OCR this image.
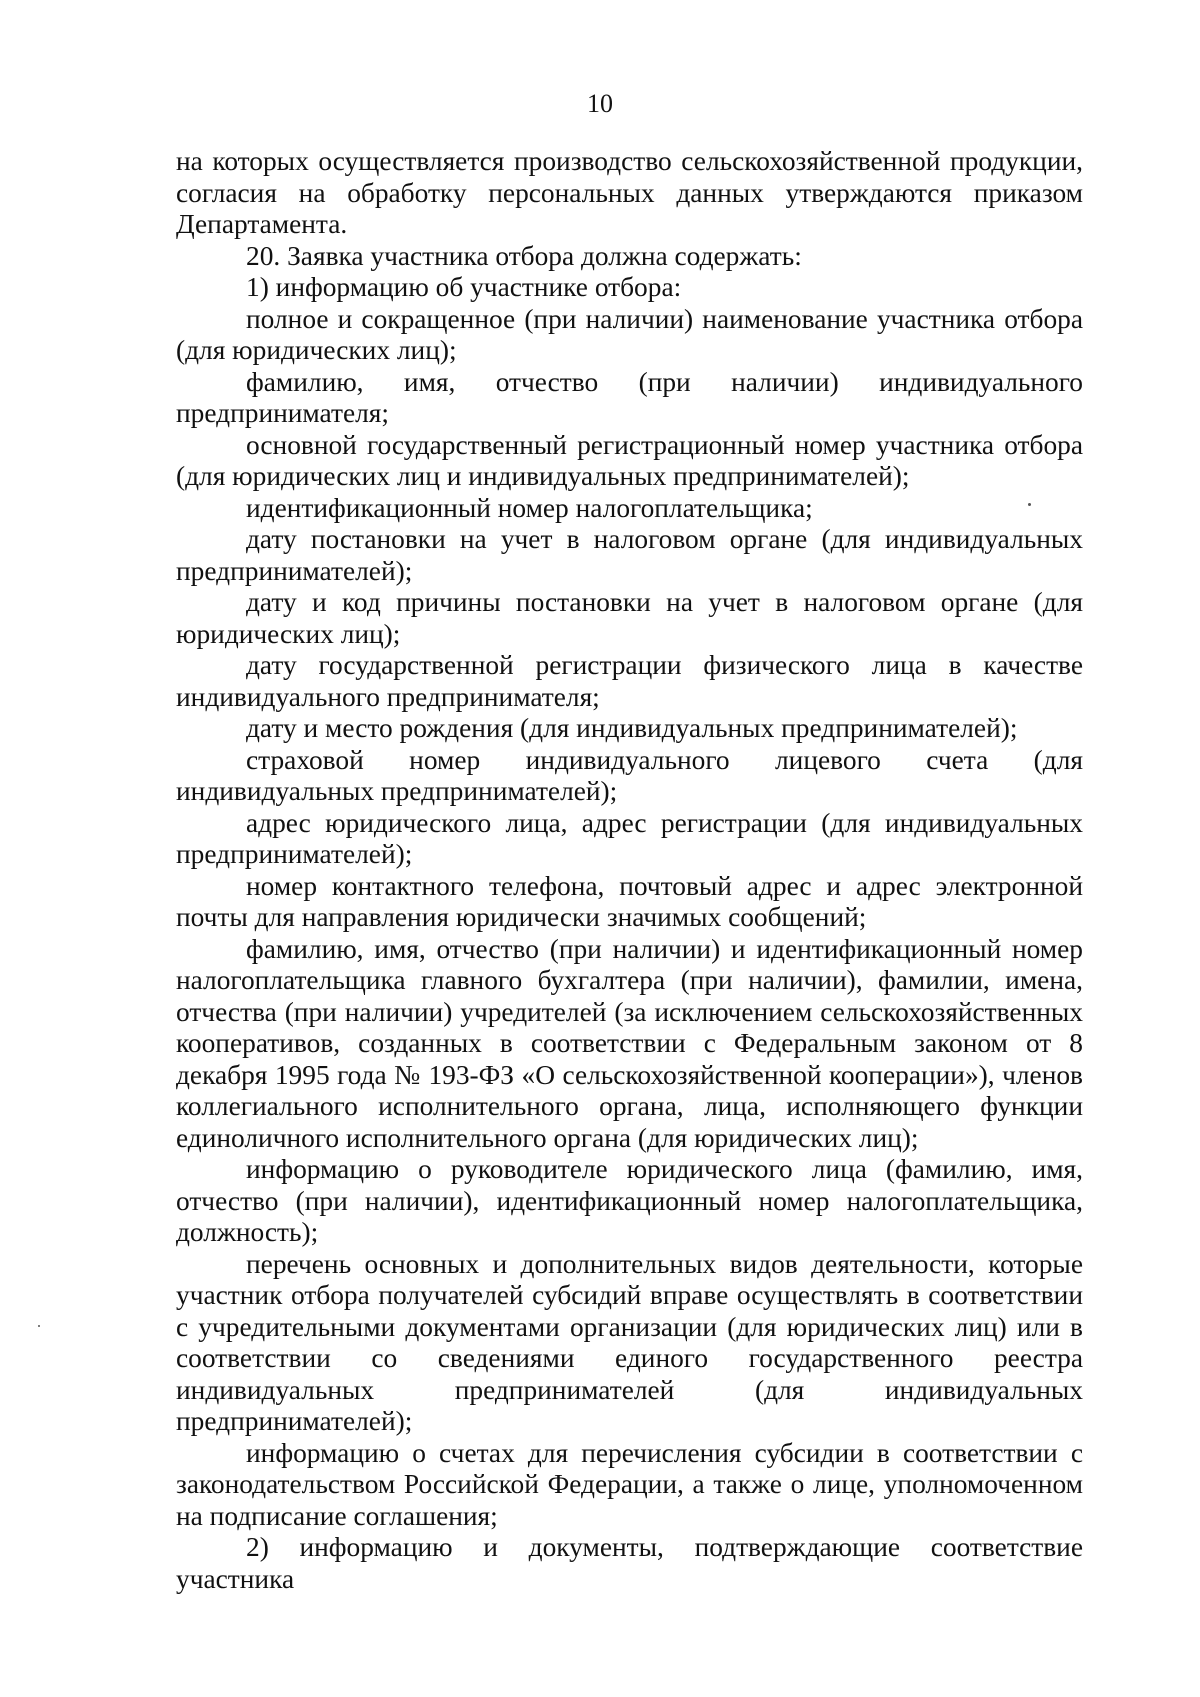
10

на которых осуществляется производство сельскохозяйственной продукции, согласия на обработку персональных данных утверждаются приказом Департамента.

20. Заявка участника отбора должна содержать:

1) информацию об участнике отбора:

полное и сокращенное (при наличии) наименование участника отбора (для юридических лиц);

фамилию, имя, отчество (при наличии) индивидуального предпринимателя;

основной государственный регистрационный номер участника отбора (для юридических лиц и индивидуальных предпринимателей);

идентификационный номер налогоплательщика;

дату постановки на учет в налоговом органе (для индивидуальных предпринимателей);

дату и код причины постановки на учет в налоговом органе (для юридических лиц);

дату государственной регистрации физического лица в качестве индивидуального предпринимателя;

дату и место рождения (для индивидуальных предпринимателей);

страховой номер индивидуального лицевого счета (для индивидуальных предпринимателей);

адрес юридического лица, адрес регистрации (для индивидуальных предпринимателей);

номер контактного телефона, почтовый адрес и адрес электронной почты для направления юридически значимых сообщений;

фамилию, имя, отчество (при наличии) и идентификационный номер налогоплательщика главного бухгалтера (при наличии), фамилии, имена, отчества (при наличии) учредителей (за исключением сельскохозяйственных кооперативов, созданных в соответствии с Федеральным законом от 8 декабря 1995 года № 193-ФЗ «О сельскохозяйственной кооперации»), членов коллегиального исполнительного органа, лица, исполняющего функции единоличного исполнительного органа (для юридических лиц);

информацию о руководителе юридического лица (фамилию, имя, отчество (при наличии), идентификационный номер налогоплательщика, должность);

перечень основных и дополнительных видов деятельности, которые участник отбора получателей субсидий вправе осуществлять в соответствии с учредительными документами организации (для юридических лиц) или в соответствии со сведениями единого государственного реестра индивидуальных предпринимателей (для индивидуальных предпринимателей);

информацию о счетах для перечисления субсидии в соответствии с законодательством Российской Федерации, а также о лице, уполномоченном на подписание соглашения;

2) информацию и документы, подтверждающие соответствие участника
